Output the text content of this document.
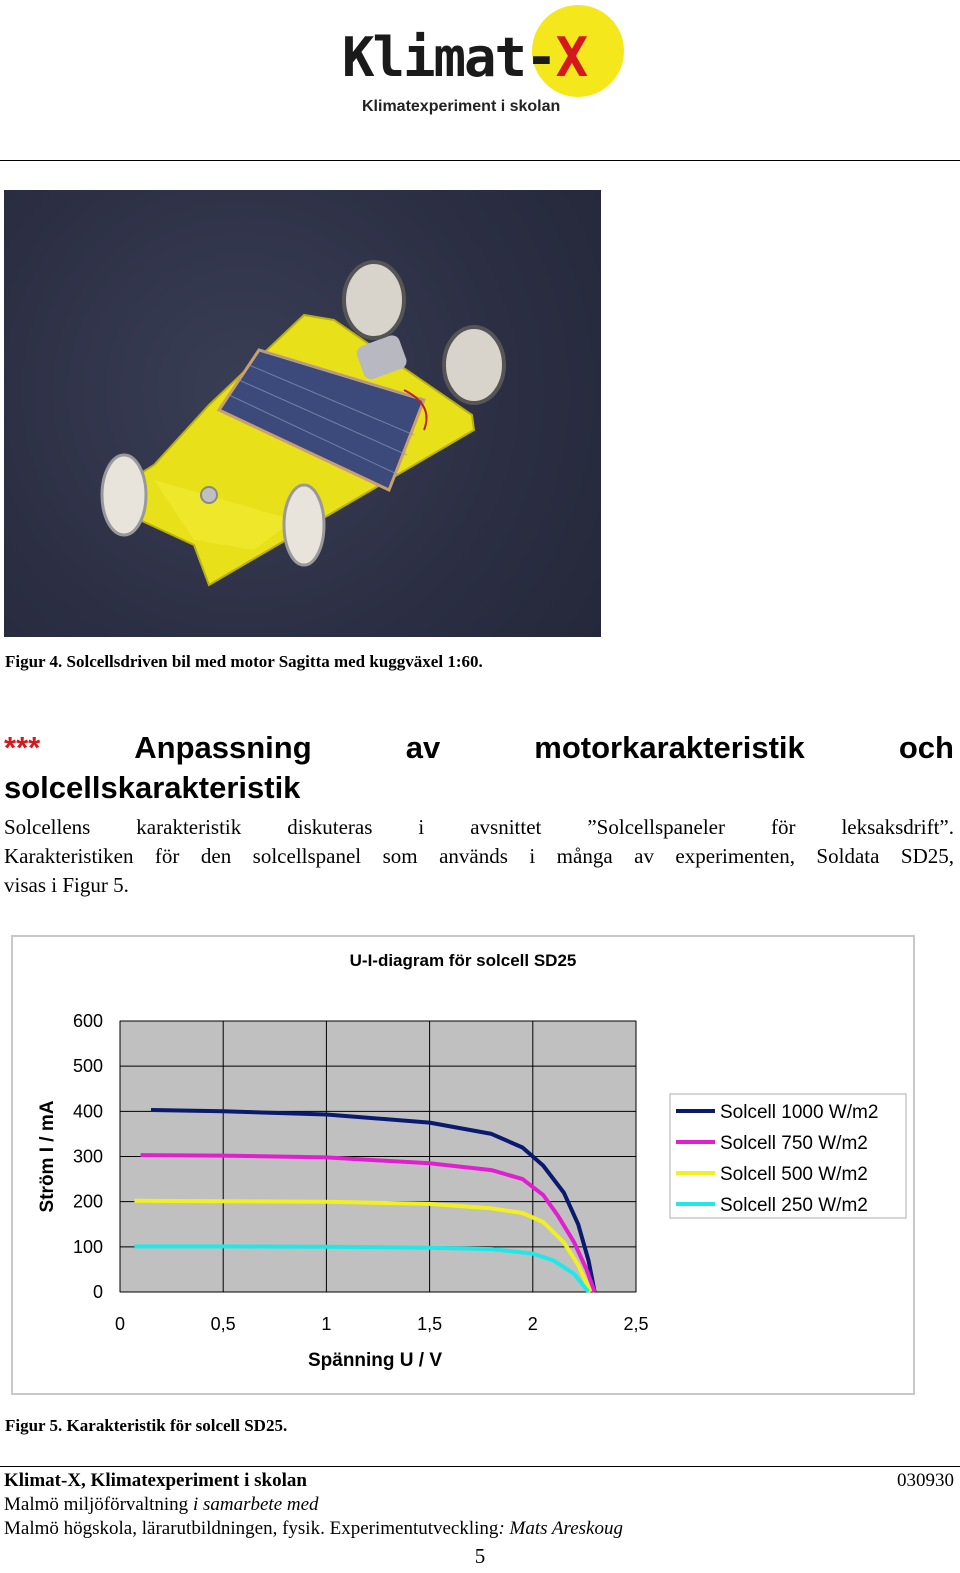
Klimat-X
Klimatexperiment i skolan
Figur 4. Solcellsdriven bil med motor Sagitta med kuggväxel 1:60.
***	Anpassning	av	motorkarakteristik	och
solcellskarakteristik
Solcellens karakteristik diskuteras i avsnittet ”Solcellspaneler för leksaksdrift”.
Karakteristiken för den solcellspanel som används i många av experimenten, Soldata SD25,
visas i Figur 5.
U-I-diagram för solcell SD25
0
100
200
300
400
500
600
0	0,5	1	1,5	2	2,5
Spänning U / V
Ström I / mA	Solcell 1000 W/m2
Solcell 750 W/m2
Solcell 500 W/m2
Solcell 250 W/m2
Figur 5. Karakteristik för solcell SD25.
Klimat-X, Klimatexperiment i skolan	030930
Malmö miljöförvaltning i samarbete med
Malmö högskola, lärarutbildningen, fysik. Experimentutveckling: Mats Areskoug
5
